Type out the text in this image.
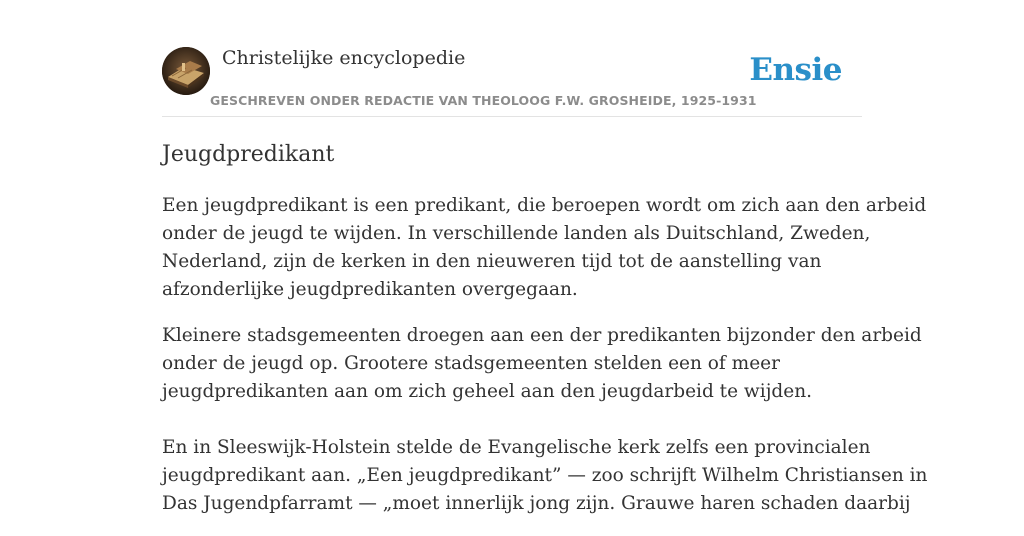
Christelijke encyclopedie
GESCHREVEN ONDER REDACTIE VAN THEOLOOG F.W. GROSHEIDE, 1925-1931
Ensie
Jeugdpredikant

Een jeugdpredikant is een predikant, die beroepen wordt om zich aan den arbeid
onder de jeugd te wijden. In verschillende landen als Duitschland, Zweden,
Nederland, zijn de kerken in den nieuweren tijd tot de aanstelling van
afzonderlijke jeugdpredikanten overgegaan.

Kleinere stadsgemeenten droegen aan een der predikanten bijzonder den arbeid
onder de jeugd op. Grootere stadsgemeenten stelden een of meer
jeugdpredikanten aan om zich geheel aan den jeugdarbeid te wijden.
En in Sleeswijk-Holstein stelde de Evangelische kerk zelfs een provincialen
jeugdpredikant aan. „Een jeugdpredikant” — zoo schrijft Wilhelm Christiansen in
Das Jugendpfarramt — „moet innerlijk jong zijn. Grauwe haren schaden daarbij
